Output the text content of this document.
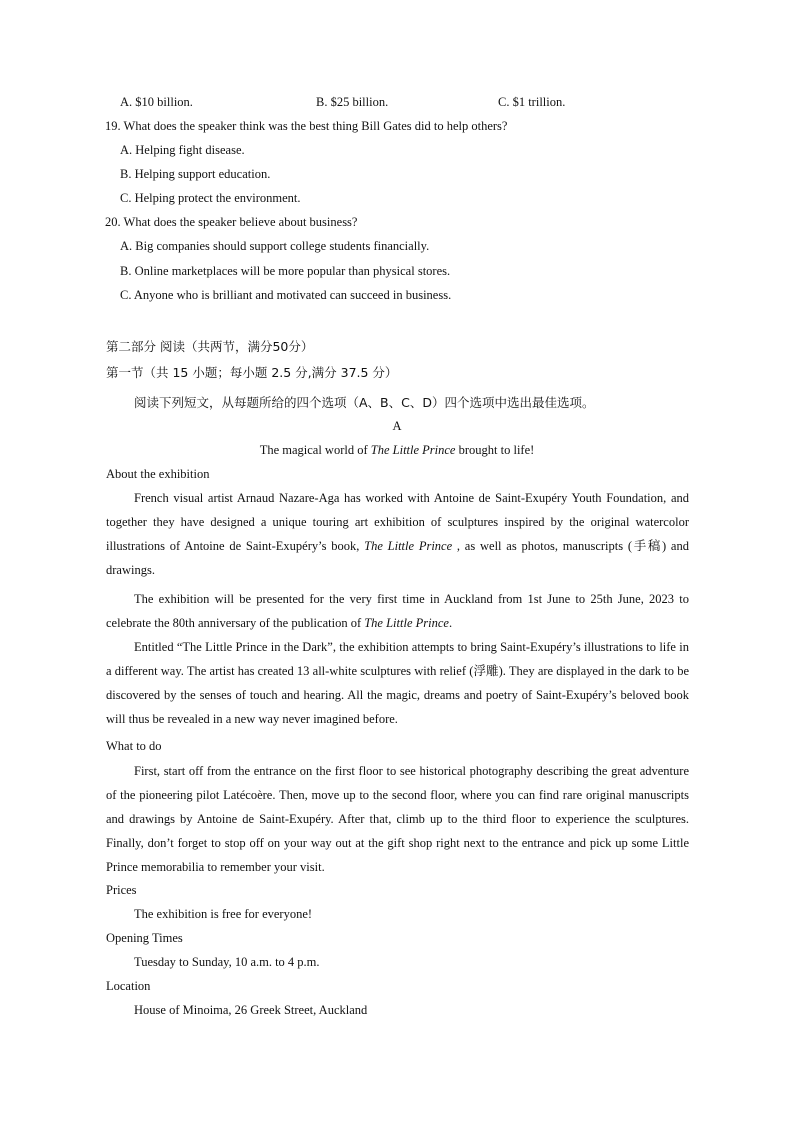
A. $10 billion.	B. $25 billion.	C. $1 trillion.
19. What does the speaker think was the best thing Bill Gates did to help others?
A. Helping fight disease.
B. Helping support education.
C. Helping protect the environment.
20. What does the speaker believe about business?
A. Big companies should support college students financially.
B. Online marketplaces will be more popular than physical stores.
C. Anyone who is brilliant and motivated can succeed in business.
第二部分 阅读（共两节，满分50分）
第一节（共 15 小题；每小题 2.5 分,满分 37.5 分）
阅读下列短文，从每题所给的四个选项（A、B、C、D）四个选项中选出最佳选项。
A
The magical world of The Little Prince brought to life!
About the exhibition
French visual artist Arnaud Nazare-Aga has worked with Antoine de Saint-Exupéry Youth Foundation, and together they have designed a unique touring art exhibition of sculptures inspired by the original watercolor illustrations of Antoine de Saint-Exupéry’s book, The Little Prince , as well as photos, manuscripts (手稿) and drawings.
The exhibition will be presented for the very first time in Auckland from 1st June to 25th June, 2023 to celebrate the 80th anniversary of the publication of The Little Prince.
Entitled “The Little Prince in the Dark”, the exhibition attempts to bring Saint-Exupéry’s illustrations to life in a different way. The artist has created 13 all-white sculptures with relief (浮雕). They are displayed in the dark to be discovered by the senses of touch and hearing. All the magic, dreams and poetry of Saint-Exupéry’s beloved book will thus be revealed in a new way never imagined before.
What to do
First, start off from the entrance on the first floor to see historical photography describing the great adventure of the pioneering pilot Latécoère. Then, move up to the second floor, where you can find rare original manuscripts and drawings by Antoine de Saint-Exupéry. After that, climb up to the third floor to experience the sculptures. Finally, don’t forget to stop off on your way out at the gift shop right next to the entrance and pick up some Little Prince memorabilia to remember your visit.
Prices
The exhibition is free for everyone!
Opening Times
Tuesday to Sunday, 10 a.m. to 4 p.m.
Location
House of Minoima, 26 Greek Street, Auckland
